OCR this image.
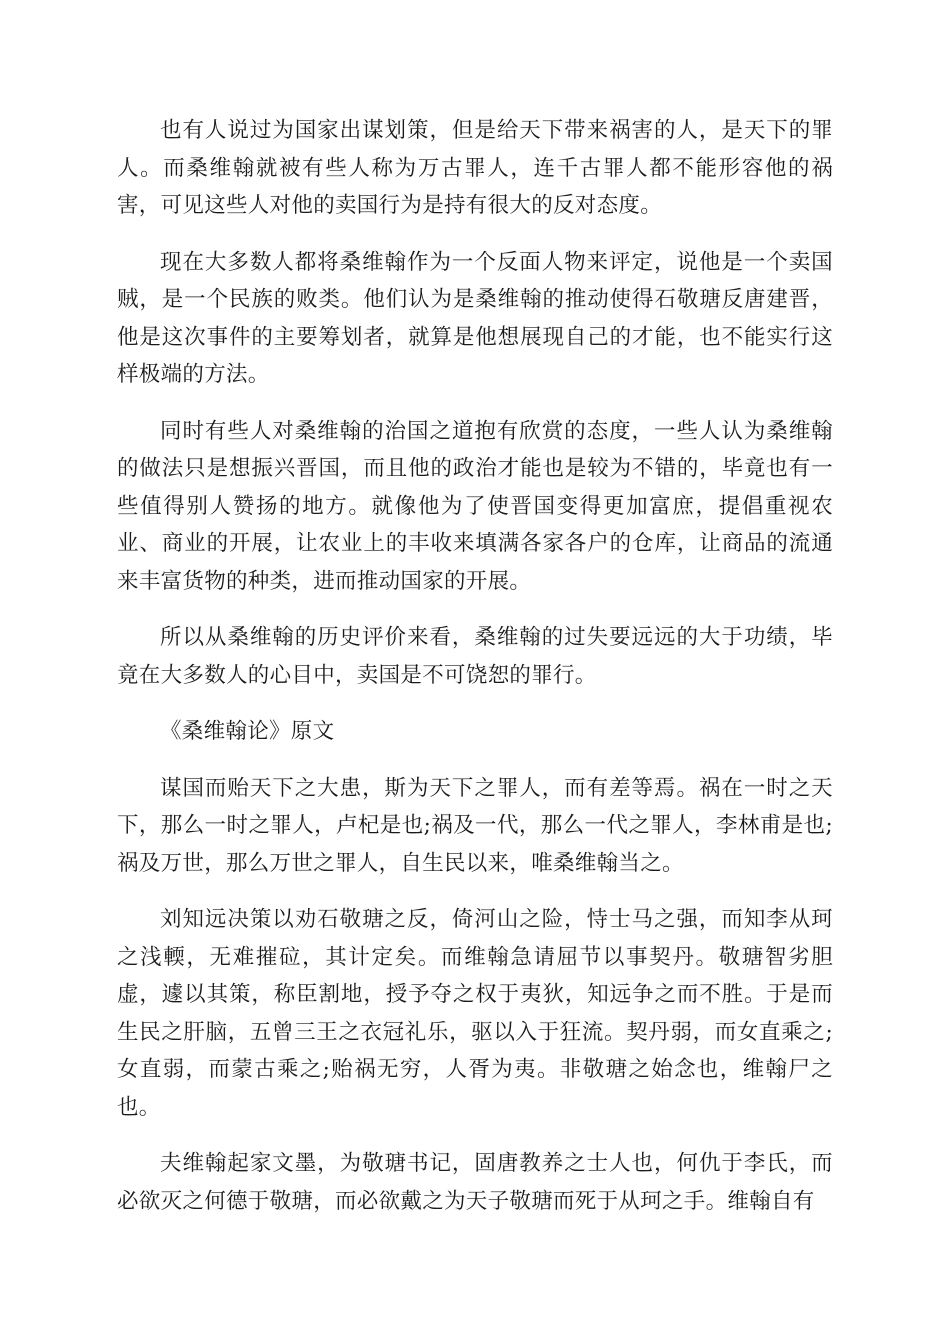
也有人说过为国家出谋划策，但是给天下带来祸害的人，是天下的罪人。而桑维翰就被有些人称为万古罪人，连千古罪人都不能形容他的祸害，可见这些人对他的卖国行为是持有很大的反对态度。

现在大多数人都将桑维翰作为一个反面人物来评定，说他是一个卖国贼，是一个民族的败类。他们认为是桑维翰的推动使得石敬瑭反唐建晋，他是这次事件的主要筹划者，就算是他想展现自己的才能，也不能实行这样极端的方法。

同时有些人对桑维翰的治国之道抱有欣赏的态度，一些人认为桑维翰的做法只是想振兴晋国，而且他的政治才能也是较为不错的，毕竟也有一些值得别人赞扬的地方。就像他为了使晋国变得更加富庶，提倡重视农业、商业的开展，让农业上的丰收来填满各家各户的仓库，让商品的流通来丰富货物的种类，进而推动国家的开展。

所以从桑维翰的历史评价来看，桑维翰的过失要远远的大于功绩，毕竟在大多数人的心目中，卖国是不可饶恕的罪行。

《桑维翰论》原文

谋国而贻天下之大患，斯为天下之罪人，而有差等焉。祸在一时之天下，那么一时之罪人，卢杞是也;祸及一代，那么一代之罪人，李林甫是也;祸及万世，那么万世之罪人，自生民以来，唯桑维翰当之。

刘知远决策以劝石敬瑭之反，倚河山之险，恃士马之强，而知李从珂之浅輭，无难摧砬，其计定矣。而维翰急请屈节以事契丹。敬瑭智劣胆虚，遽以其策，称臣割地，授予夺之权于夷狄，知远争之而不胜。于是而生民之肝脑，五曾三王之衣冠礼乐，驱以入于狂流。契丹弱，而女直乘之;女直弱，而蒙古乘之;贻祸无穷，人胥为夷。非敬瑭之始念也，维翰尸之也。

夫维翰起家文墨，为敬瑭书记，固唐教养之士人也，何仇于李氏，而必欲灭之何德于敬瑭，而必欲戴之为天子敬瑭而死于从珂之手。维翰自有
